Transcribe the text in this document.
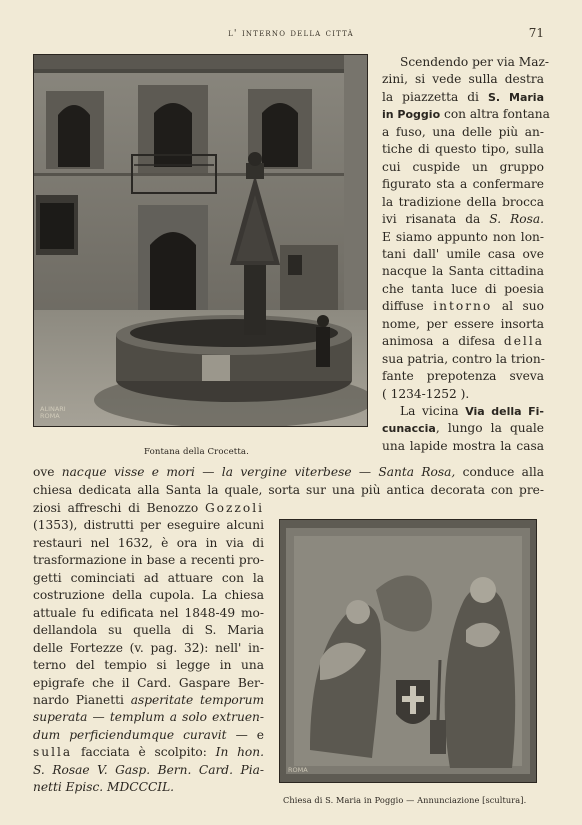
l' interno della città	71
ALINARI
ROMA
Fontana della Crocetta.
ROMA
Chiesa di S. Maria in Poggio — Annunciazione [scultura].
Scendendo per via Maz-
zini, si vede sulla destra
la piazzetta di S. Maria
in Poggio con altra fontana
a fuso, una delle più an-
tiche di questo tipo, sulla
cui cuspide un gruppo
figurato sta a confermare
la tradizione della brocca
ivi risanata da S. Rosa.
E siamo appunto non lon-
tani dall' umile casa ove
nacque la Santa cittadina
che tanta luce di poesia
diffuse intorno al suo
nome, per essere insorta
animosa a difesa della
sua patria, contro la trion-
fante prepotenza sveva
( 1234-1252 ).
La vicina Via della Fi-
cunaccia, lungo la quale
una lapide mostra la casa
ove nacque visse e mori — la vergine viterbese — Santa Rosa, conduce alla
chiesa dedicata alla Santa la quale, sorta sur una più antica decorata con pre-
ziosi affreschi di Benozzo Gozzoli
(1353), distrutti per eseguire alcuni
restauri nel 1632, è ora in via di
trasformazione in base a recenti pro-
getti cominciati ad attuare con la
costruzione della cupola. La chiesa
attuale fu edificata nel 1848-49 mo-
dellandola su quella di S. Maria
delle Fortezze (v. pag. 32): nell' in-
terno del tempio si legge in una
epigrafe che il Card. Gaspare Ber-
nardo Pianetti asperitate temporum
superata — templum a solo extruen-
dum perficiendumque curavit — e
sulla facciata è scolpito: In hon.
S. Rosae V. Gasp. Bern. Card. Pia-
netti Episc. MDCCCIL.
